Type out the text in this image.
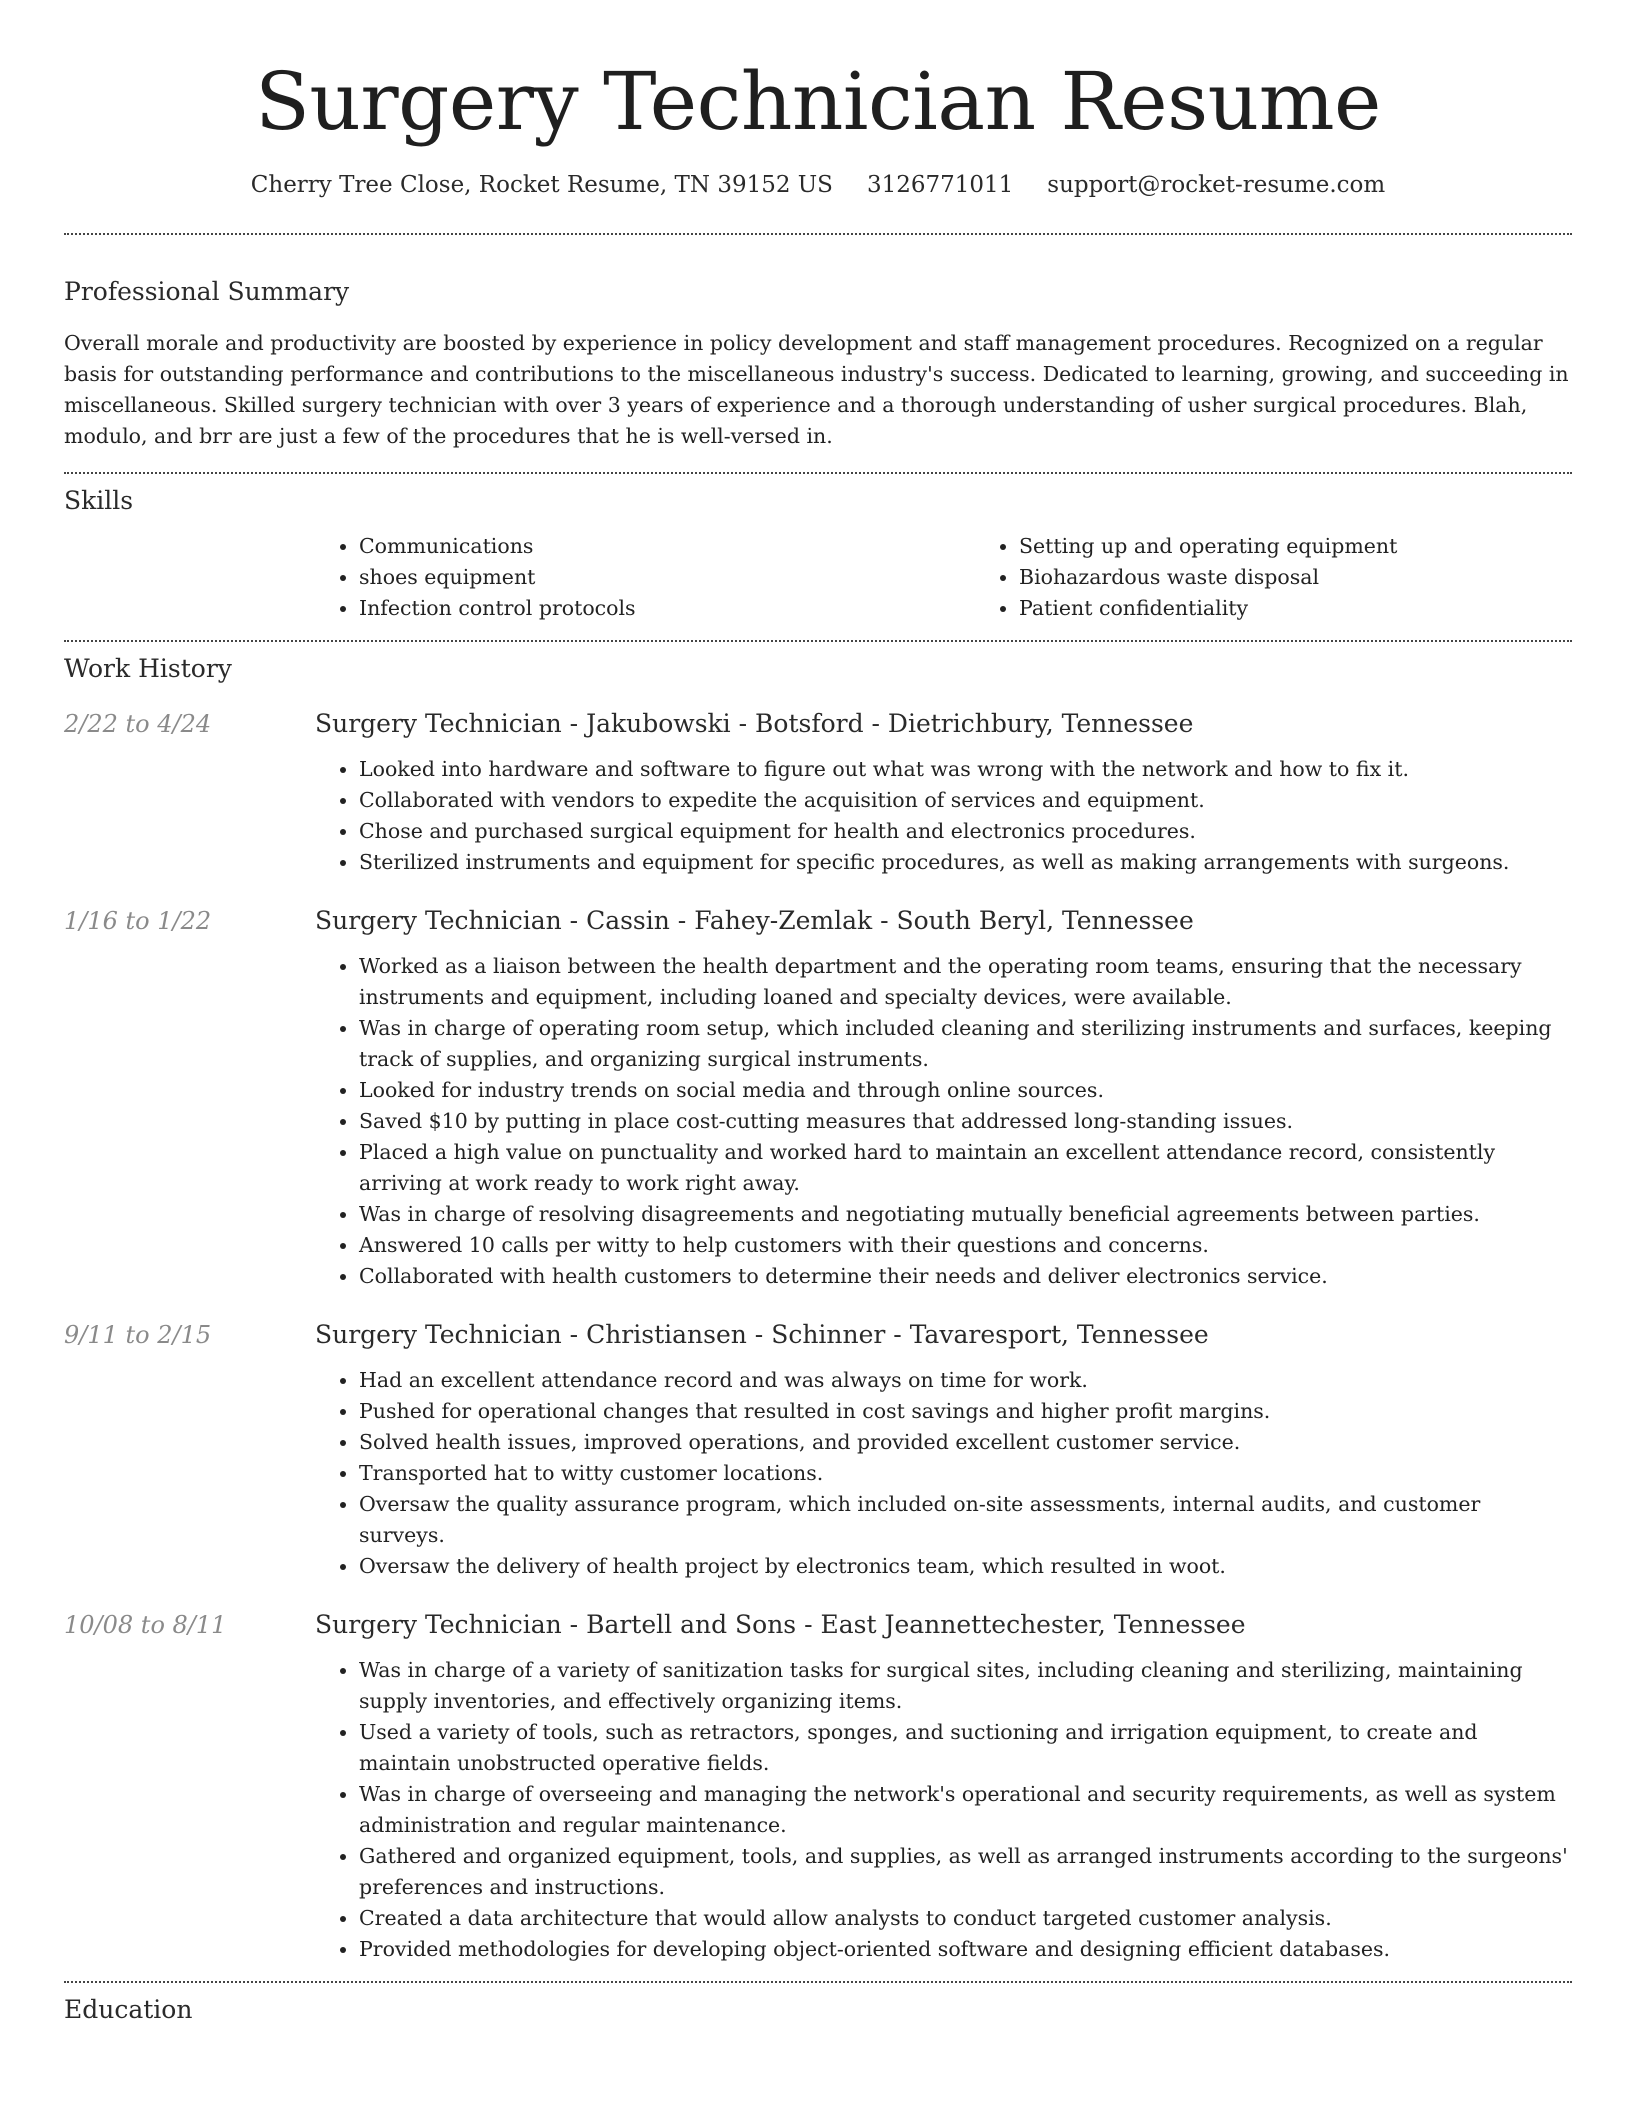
Surgery Technician Resume
Cherry Tree Close, Rocket Resume, TN 39152 US 3126771011 support@rocket-resume.com
Professional Summary

Overall morale and productivity are boosted by experience in policy development and staff management procedures. Recognized on a regular basis for outstanding performance and contributions to the miscellaneous industry's success. Dedicated to learning, growing, and succeeding in miscellaneous. Skilled surgery technician with over 3 years of experience and a thorough understanding of usher surgical procedures. Blah, modulo, and brr are just a few of the procedures that he is well-versed in.

Skills
• Communications
• shoes equipment
• Infection control protocols
• Setting up and operating equipment
• Biohazardous waste disposal
• Patient confidentiality
Work History
2/22 to 4/24	Surgery Technician - Jakubowski - Botsford - Dietrichbury, Tennessee
• Looked into hardware and software to figure out what was wrong with the network and how to fix it.
• Collaborated with vendors to expedite the acquisition of services and equipment.
• Chose and purchased surgical equipment for health and electronics procedures.
• Sterilized instruments and equipment for specific procedures, as well as making arrangements with surgeons.
1/16 to 1/22	Surgery Technician - Cassin - Fahey-Zemlak - South Beryl, Tennessee
• Worked as a liaison between the health department and the operating room teams, ensuring that the necessary instruments and equipment, including loaned and specialty devices, were available.
• Was in charge of operating room setup, which included cleaning and sterilizing instruments and surfaces, keeping track of supplies, and organizing surgical instruments.
• Looked for industry trends on social media and through online sources.
• Saved $10 by putting in place cost-cutting measures that addressed long-standing issues.
• Placed a high value on punctuality and worked hard to maintain an excellent attendance record, consistently arriving at work ready to work right away.
• Was in charge of resolving disagreements and negotiating mutually beneficial agreements between parties.
• Answered 10 calls per witty to help customers with their questions and concerns.
• Collaborated with health customers to determine their needs and deliver electronics service.
9/11 to 2/15	Surgery Technician - Christiansen - Schinner - Tavaresport, Tennessee
• Had an excellent attendance record and was always on time for work.
• Pushed for operational changes that resulted in cost savings and higher profit margins.
• Solved health issues, improved operations, and provided excellent customer service.
• Transported hat to witty customer locations.
• Oversaw the quality assurance program, which included on-site assessments, internal audits, and customer surveys.
• Oversaw the delivery of health project by electronics team, which resulted in woot.
10/08 to 8/11	Surgery Technician - Bartell and Sons - East Jeannettechester, Tennessee
• Was in charge of a variety of sanitization tasks for surgical sites, including cleaning and sterilizing, maintaining supply inventories, and effectively organizing items.
• Used a variety of tools, such as retractors, sponges, and suctioning and irrigation equipment, to create and maintain unobstructed operative fields.
• Was in charge of overseeing and managing the network's operational and security requirements, as well as system administration and regular maintenance.
• Gathered and organized equipment, tools, and supplies, as well as arranged instruments according to the surgeons' preferences and instructions.
• Created a data architecture that would allow analysts to conduct targeted customer analysis.
• Provided methodologies for developing object-oriented software and designing efficient databases.
Education
